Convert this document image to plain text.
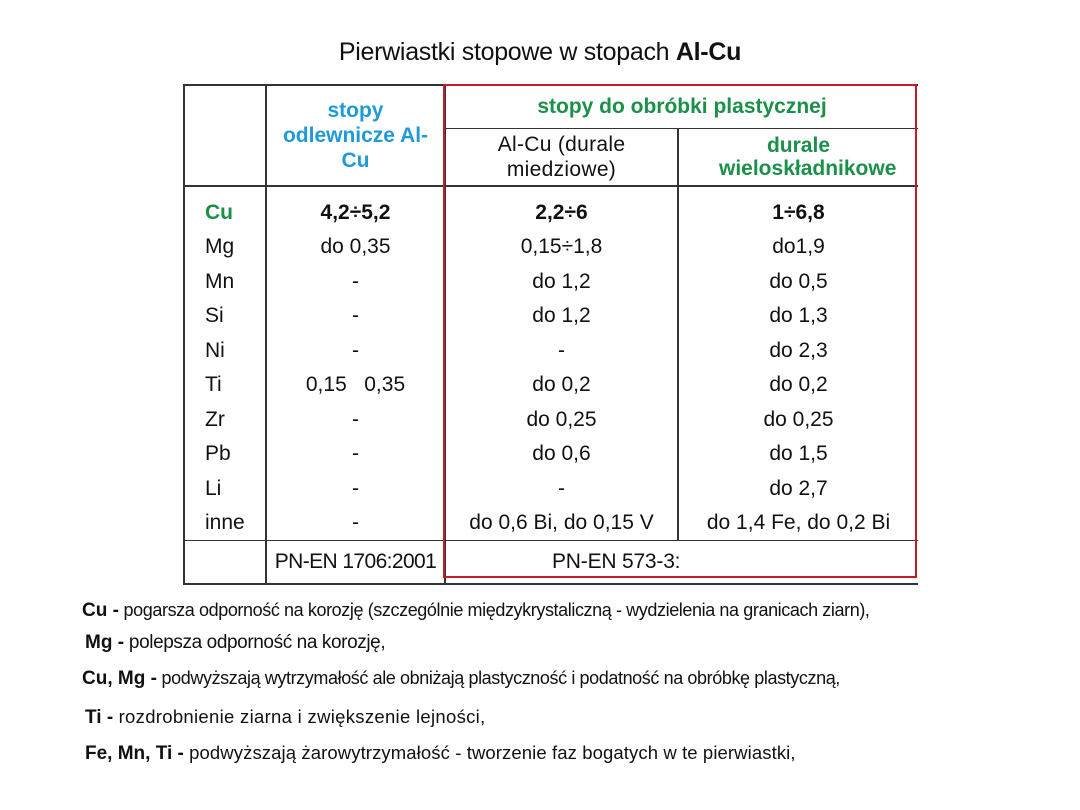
Pierwiastki stopowe w stopach Al-Cu

	stopy odlewnicze Al-Cu	stopy do obróbki plastycznej	

		Al-Cu (durale miedziowe)	durale wieloskładnikowe

Cu	4,2÷5,2	2,2÷6	1÷6,8
Mg	do 0,35	0,15÷1,8	do1,9
Mn	-	do 1,2	do 0,5
Si	-	do 1,2	do 1,3
Ni	-	-	do 2,3
Ti	0,15   0,35	do 0,2	do 0,2
Zr	-	do 0,25	do 0,25
Pb	-	do 0,6	do 1,5
Li	-	-	do 2,7
inne	-	do 0,6 Bi, do 0,15 V	do 1,4 Fe, do 0,2 Bi
	PN-EN 1706:2001	PN-EN 573-3:	
Cu - pogarsza odporność na korozję (szczególnie międzykrystaliczną - wydzielenia na granicach ziarn),
Mg - polepsza odporność na korozję,
Cu, Mg - podwyższają wytrzymałość ale obniżają plastyczność i podatność na obróbkę plastyczną,
Ti - rozdrobnienie ziarna i zwiększenie lejności,
Fe, Mn, Ti - podwyższają żarowytrzymałość - tworzenie faz bogatych w te pierwiastki,
